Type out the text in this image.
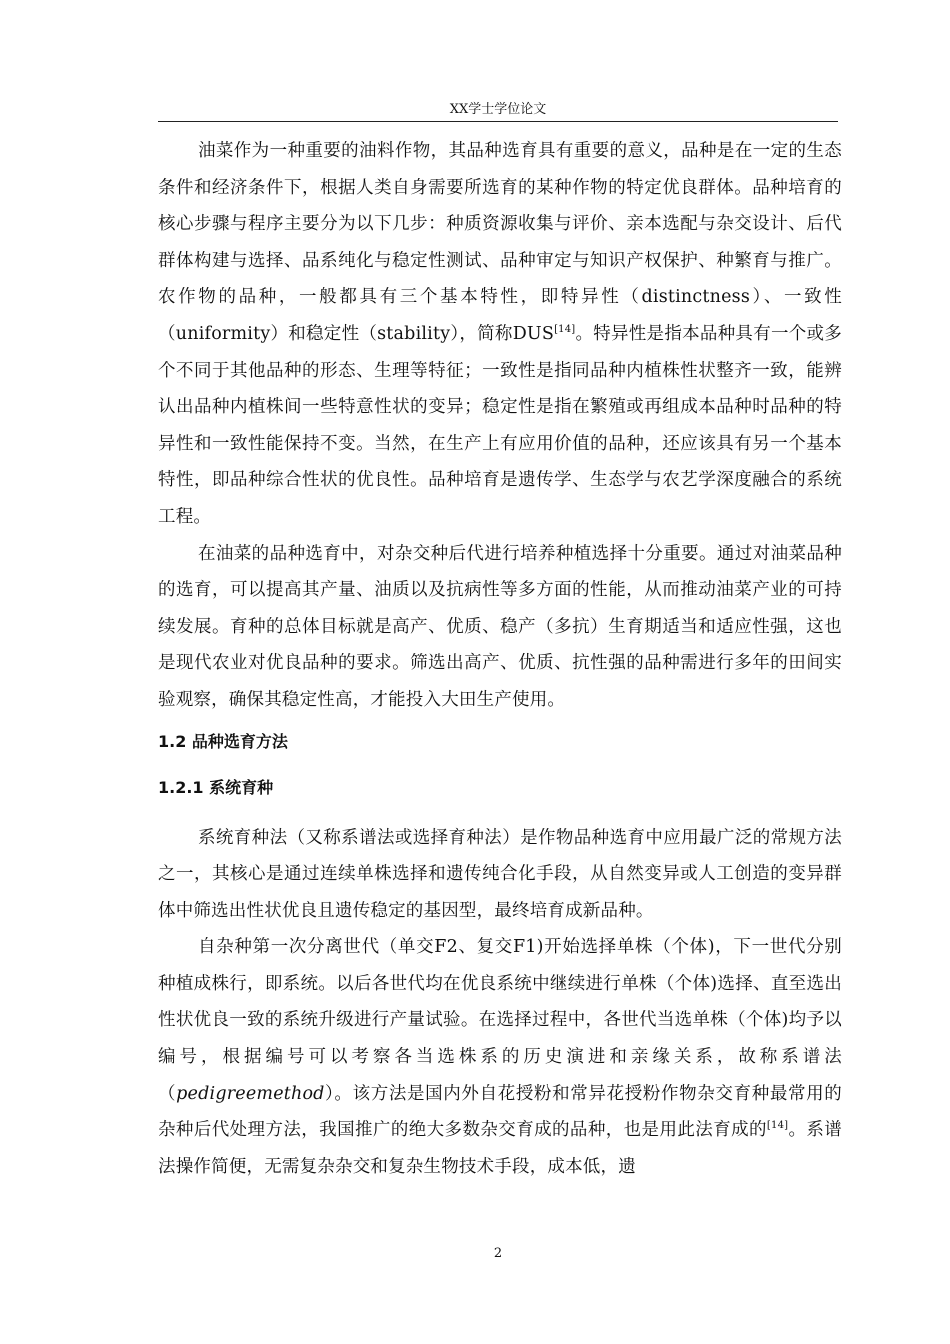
XX学士学位论文

油菜作为一种重要的油料作物，其品种选育具有重要的意义，品种是在一定的生态条件和经济条件下，根据人类自身需要所选育的某种作物的特定优良群体。品种培育的核心步骤与程序主要分为以下几步：种质资源收集与评价、亲本选配与杂交设计、后代群体构建与选择、品系纯化与稳定性测试、品种审定与知识产权保护、种繁育与推广。农作物的品种，一般都具有三个基本特性，即特异性（distinctness）、一致性（uniformity）和稳定性（stability），简称DUS[14]。特异性是指本品种具有一个或多个不同于其他品种的形态、生理等特征；一致性是指同品种内植株性状整齐一致，能辨认出品种内植株间一些特意性状的变异；稳定性是指在繁殖或再组成本品种时品种的特异性和一致性能保持不变。当然，在生产上有应用价值的品种，还应该具有另一个基本特性，即品种综合性状的优良性。品种培育是遗传学、生态学与农艺学深度融合的系统工程。

在油菜的品种选育中，对杂交种后代进行培养种植选择十分重要。通过对油菜品种的选育，可以提高其产量、油质以及抗病性等多方面的性能，从而推动油菜产业的可持续发展。育种的总体目标就是高产、优质、稳产（多抗）生育期适当和适应性强，这也是现代农业对优良品种的要求。筛选出高产、优质、抗性强的品种需进行多年的田间实验观察，确保其稳定性高，才能投入大田生产使用。

1.2 品种选育方法

1.2.1 系统育种

系统育种法（又称系谱法或选择育种法）是作物品种选育中应用最广泛的常规方法之一，其核心是通过连续单株选择和遗传纯合化手段，从自然变异或人工创造的变异群体中筛选出性状优良且遗传稳定的基因型，最终培育成新品种。

自杂种第一次分离世代（单交F2、复交F1)开始选择单株（个体)，下一世代分别种植成株行，即系统。以后各世代均在优良系统中继续进行单株（个体)选择、直至选出性状优良一致的系统升级进行产量试验。在选择过程中，各世代当选单株（个体)均予以编号，根据编号可以考察各当选株系的历史演进和亲缘关系，故称系谱法（pedigreemethod）。该方法是国内外自花授粉和常异花授粉作物杂交育种最常用的杂种后代处理方法，我国推广的绝大多数杂交育成的品种，也是用此法育成的[14]。系谱法操作简便，无需复杂杂交和复杂生物技术手段，成本低，遗

2
